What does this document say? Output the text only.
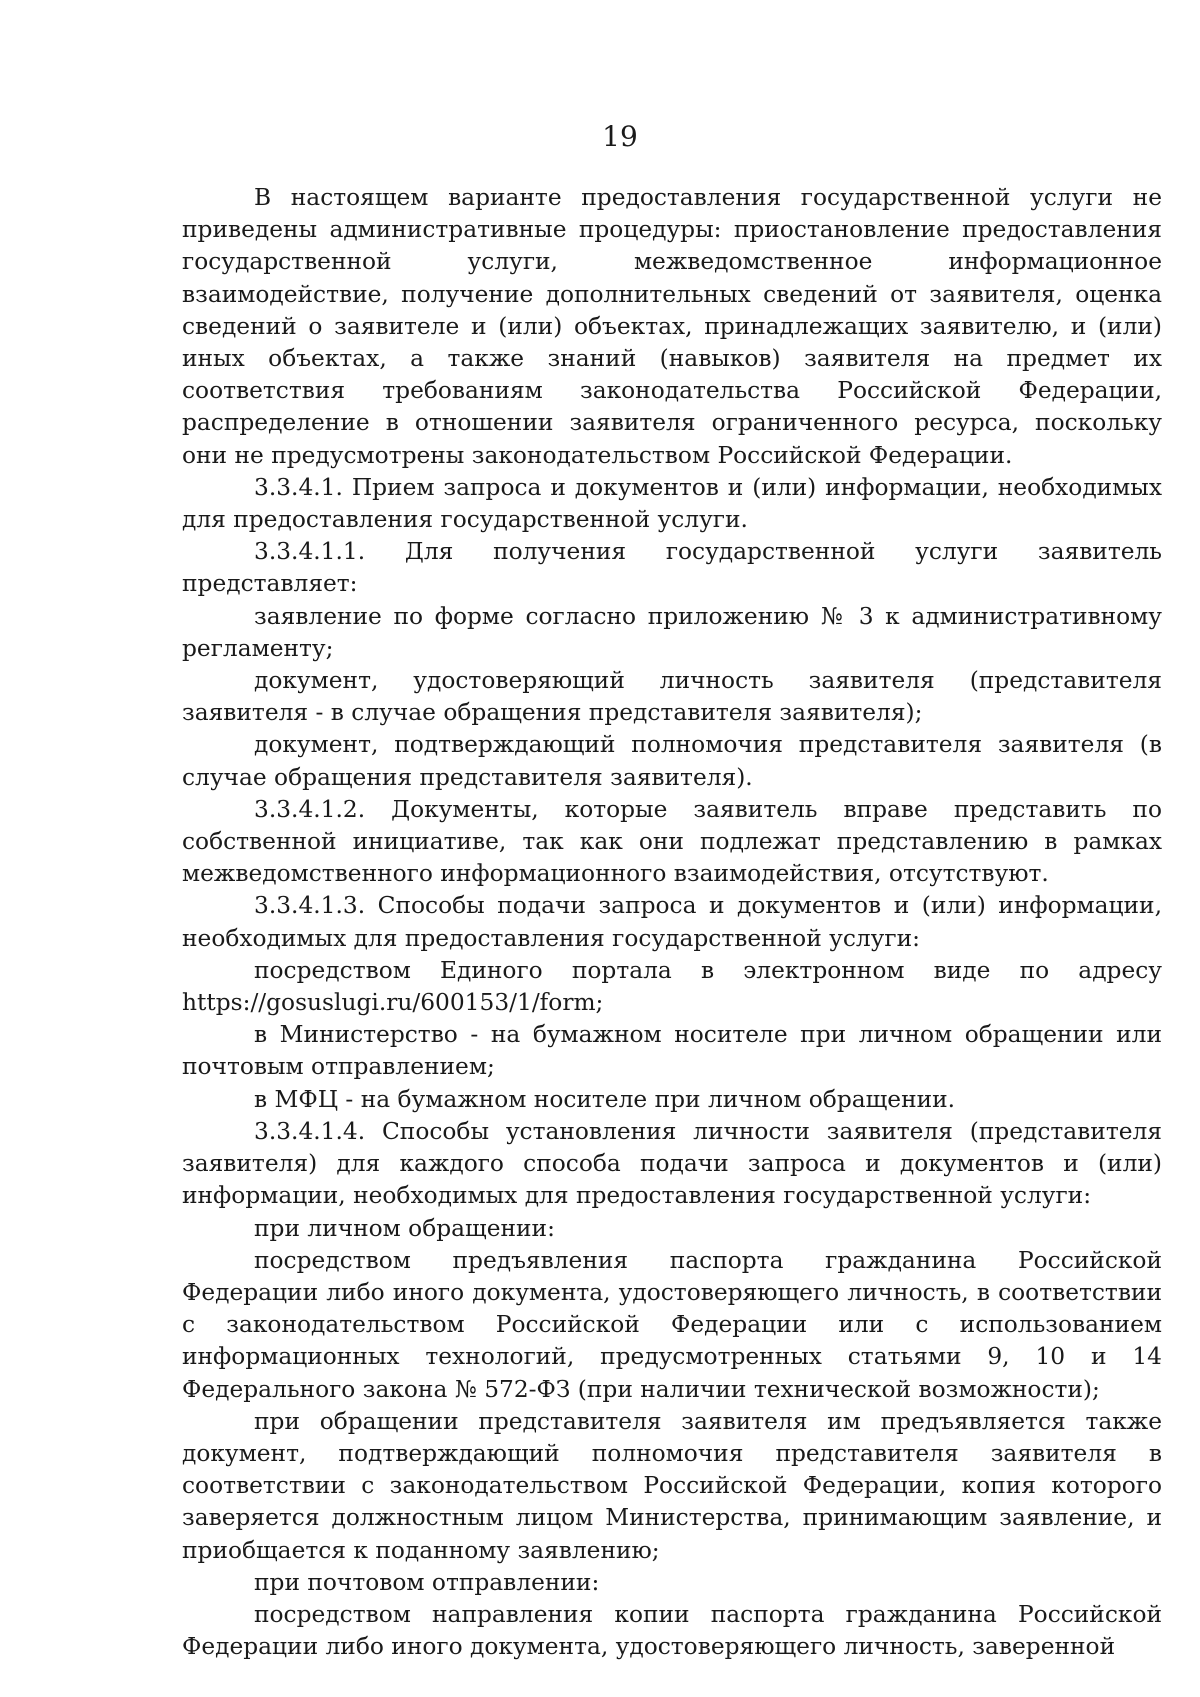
19

В настоящем варианте предоставления государственной услуги не приведены административные процедуры: приостановление предоставления государственной услуги, межведомственное информационное взаимодействие, получение дополнительных сведений от заявителя, оценка сведений о заявителе и (или) объектах, принадлежащих заявителю, и (или) иных объектах, а также знаний (навыков) заявителя на предмет их соответствия требованиям законодательства Российской Федерации, распределение в отношении заявителя ограниченного ресурса, поскольку они не предусмотрены законодательством Российской Федерации.

3.3.4.1. Прием запроса и документов и (или) информации, необходимых для предоставления государственной услуги.

3.3.4.1.1. Для получения государственной услуги заявитель представляет:

заявление по форме согласно приложению № 3 к административному регламенту;

документ, удостоверяющий личность заявителя (представителя заявителя - в случае обращения представителя заявителя);

документ, подтверждающий полномочия представителя заявителя (в случае обращения представителя заявителя).

3.3.4.1.2. Документы, которые заявитель вправе представить по собственной инициативе, так как они подлежат представлению в рамках межведомственного информационного взаимодействия, отсутствуют.

3.3.4.1.3. Способы подачи запроса и документов и (или) информации, необходимых для предоставления государственной услуги:

посредством Единого портала в электронном виде по адресу https://gosuslugi.ru/600153/1/form;

в Министерство - на бумажном носителе при личном обращении или почтовым отправлением;

в МФЦ - на бумажном носителе при личном обращении.

3.3.4.1.4. Способы установления личности заявителя (представителя заявителя) для каждого способа подачи запроса и документов и (или) информации, необходимых для предоставления государственной услуги:

при личном обращении:

посредством предъявления паспорта гражданина Российской Федерации либо иного документа, удостоверяющего личность, в соответствии с законодательством Российской Федерации или с использованием информационных технологий, предусмотренных статьями 9, 10 и 14 Федерального закона № 572-ФЗ (при наличии технической возможности);

при обращении представителя заявителя им предъявляется также документ, подтверждающий полномочия представителя заявителя в соответствии с законодательством Российской Федерации, копия которого заверяется должностным лицом Министерства, принимающим заявление, и приобщается к поданному заявлению;

при почтовом отправлении:

посредством направления копии паспорта гражданина Российской Федерации либо иного документа, удостоверяющего личность, заверенной
